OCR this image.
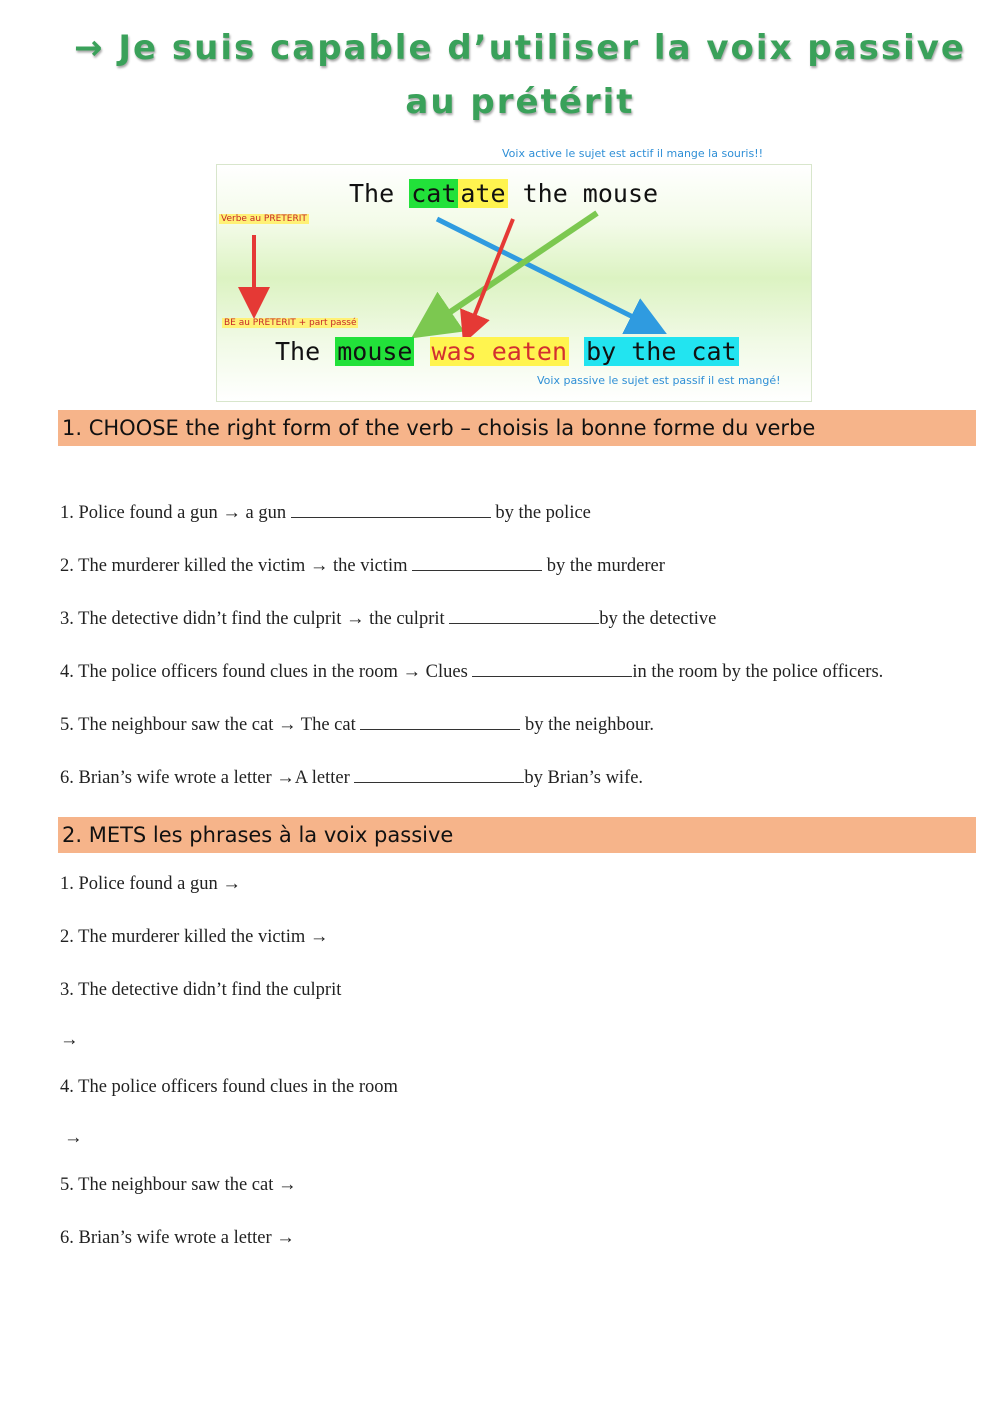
→ Je suis capable d’utiliser la voix passive
au prétérit
Voix active le sujet est actif il mange la souris!!
Verbe au PRETERIT
BE au PRETERIT + part passé
The cat ate the mouse
The mouse was eaten by the cat
Voix passive le sujet est passif il est mangé!
1. CHOOSE the right form of the verb – choisis la bonne forme du verbe
1. Police found a gun → a gun	by the police
2. The murderer killed the victim → the victim	by the murderer
3. The detective didn’t find the culprit → the culprit	by the detective
4. The police officers found clues in the room → Clues	in the room by the police officers.
5. The neighbour saw the cat → The cat	by the neighbour.
6. Brian’s wife wrote a letter →A letter	by Brian’s wife.
2. METS les phrases à la voix passive
1. Police found a gun →
2. The murderer killed the victim →
3. The detective didn’t find the culprit
→
4. The police officers found clues in the room
→
5. The neighbour saw the cat →
6. Brian’s wife wrote a letter →
